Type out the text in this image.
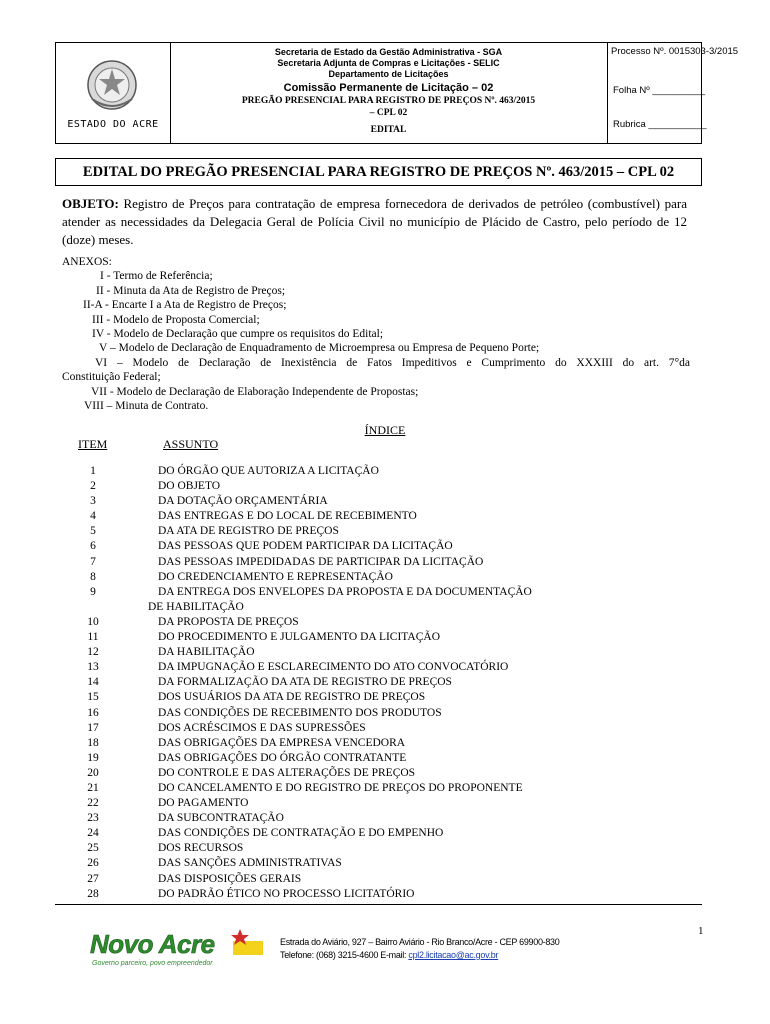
ESTADO DO ACRE
Secretaria de Estado da Gestão Administrativa - SGA
Secretaria Adjunta de Compras e Licitações - SELIC
Departamento de Licitações
Comissão Permanente de Licitação – 02
PREGÃO PRESENCIAL PARA REGISTRO DE PREÇOS Nº. 463/2015
– CPL 02
EDITAL
Processo Nº. 0015303-3/2015
Folha Nº __________
Rubrica ___________
EDITAL DO PREGÃO PRESENCIAL PARA REGISTRO DE PREÇOS Nº. 463/2015 – CPL 02
OBJETO: Registro de Preços para contratação de empresa fornecedora de derivados de petróleo (combustível) para atender as necessidades da Delegacia Geral de Polícia Civil no município de Plácido de Castro, pelo período de 12 (doze) meses.
ANEXOS:
I - Termo de Referência;
II - Minuta da Ata de Registro de Preços;
II-A - Encarte I a Ata de Registro de Preços;
III - Modelo de Proposta Comercial;
IV - Modelo de Declaração que cumpre os requisitos do Edital;
V – Modelo de Declaração de Enquadramento de Microempresa ou Empresa de Pequeno Porte;
VI – Modelo de Declaração de Inexistência de Fatos Impeditivos e Cumprimento do XXXIII do art. 7°da
Constituição Federal;
VII - Modelo de Declaração de Elaboração Independente de Propostas;
VIII – Minuta de Contrato.
ÍNDICE
ITEM	ASSUNTO
1	DO ÓRGÃO QUE AUTORIZA A LICITAÇÃO
2	DO OBJETO
3	DA DOTAÇÃO ORÇAMENTÁRIA
4	DAS ENTREGAS E DO LOCAL DE RECEBIMENTO
5	DA ATA DE REGISTRO DE PREÇOS
6	DAS PESSOAS QUE PODEM PARTICIPAR DA LICITAÇÃO
7	DAS PESSOAS IMPEDIDADAS DE PARTICIPAR DA LICITAÇÃO
8	DO CREDENCIAMENTO E REPRESENTAÇÃO
9	DA ENTREGA DOS ENVELOPES DA PROPOSTA E DA DOCUMENTAÇÃO
DE HABILITAÇÃO
10	DA PROPOSTA DE PREÇOS
11	DO PROCEDIMENTO E JULGAMENTO DA LICITAÇÃO
12	DA HABILITAÇÃO
13	DA IMPUGNAÇÃO E ESCLARECIMENTO DO ATO CONVOCATÓRIO
14	DA FORMALIZAÇÃO DA ATA DE REGISTRO DE PREÇOS
15	DOS USUÁRIOS DA ATA DE REGISTRO DE PREÇOS
16	DAS CONDIÇÕES DE RECEBIMENTO DOS PRODUTOS
17	DOS ACRÉSCIMOS E DAS SUPRESSÕES
18	DAS OBRIGAÇÕES DA EMPRESA VENCEDORA
19	DAS OBRIGAÇÕES DO ÓRGÃO CONTRATANTE
20	DO CONTROLE E DAS ALTERAÇÕES DE PREÇOS
21	DO CANCELAMENTO E DO REGISTRO DE PREÇOS DO PROPONENTE
22	DO PAGAMENTO
23	DA SUBCONTRATAÇÃO
24	DAS CONDIÇÕES DE CONTRATAÇÃO E DO EMPENHO
25	DOS RECURSOS
26	DAS SANÇÕES ADMINISTRATIVAS
27	DAS DISPOSIÇÕES GERAIS
28	DO PADRÃO ÉTICO NO PROCESSO LICITATÓRIO
1
Novo Acre
Governo parceiro, povo empreendedor
Estrada do Aviário, 927 – Bairro Aviário - Rio Branco/Acre - CEP 69900-830
Telefone: (068) 3215-4600 E-mail: cpl2.licitacao@ac.gov.br
